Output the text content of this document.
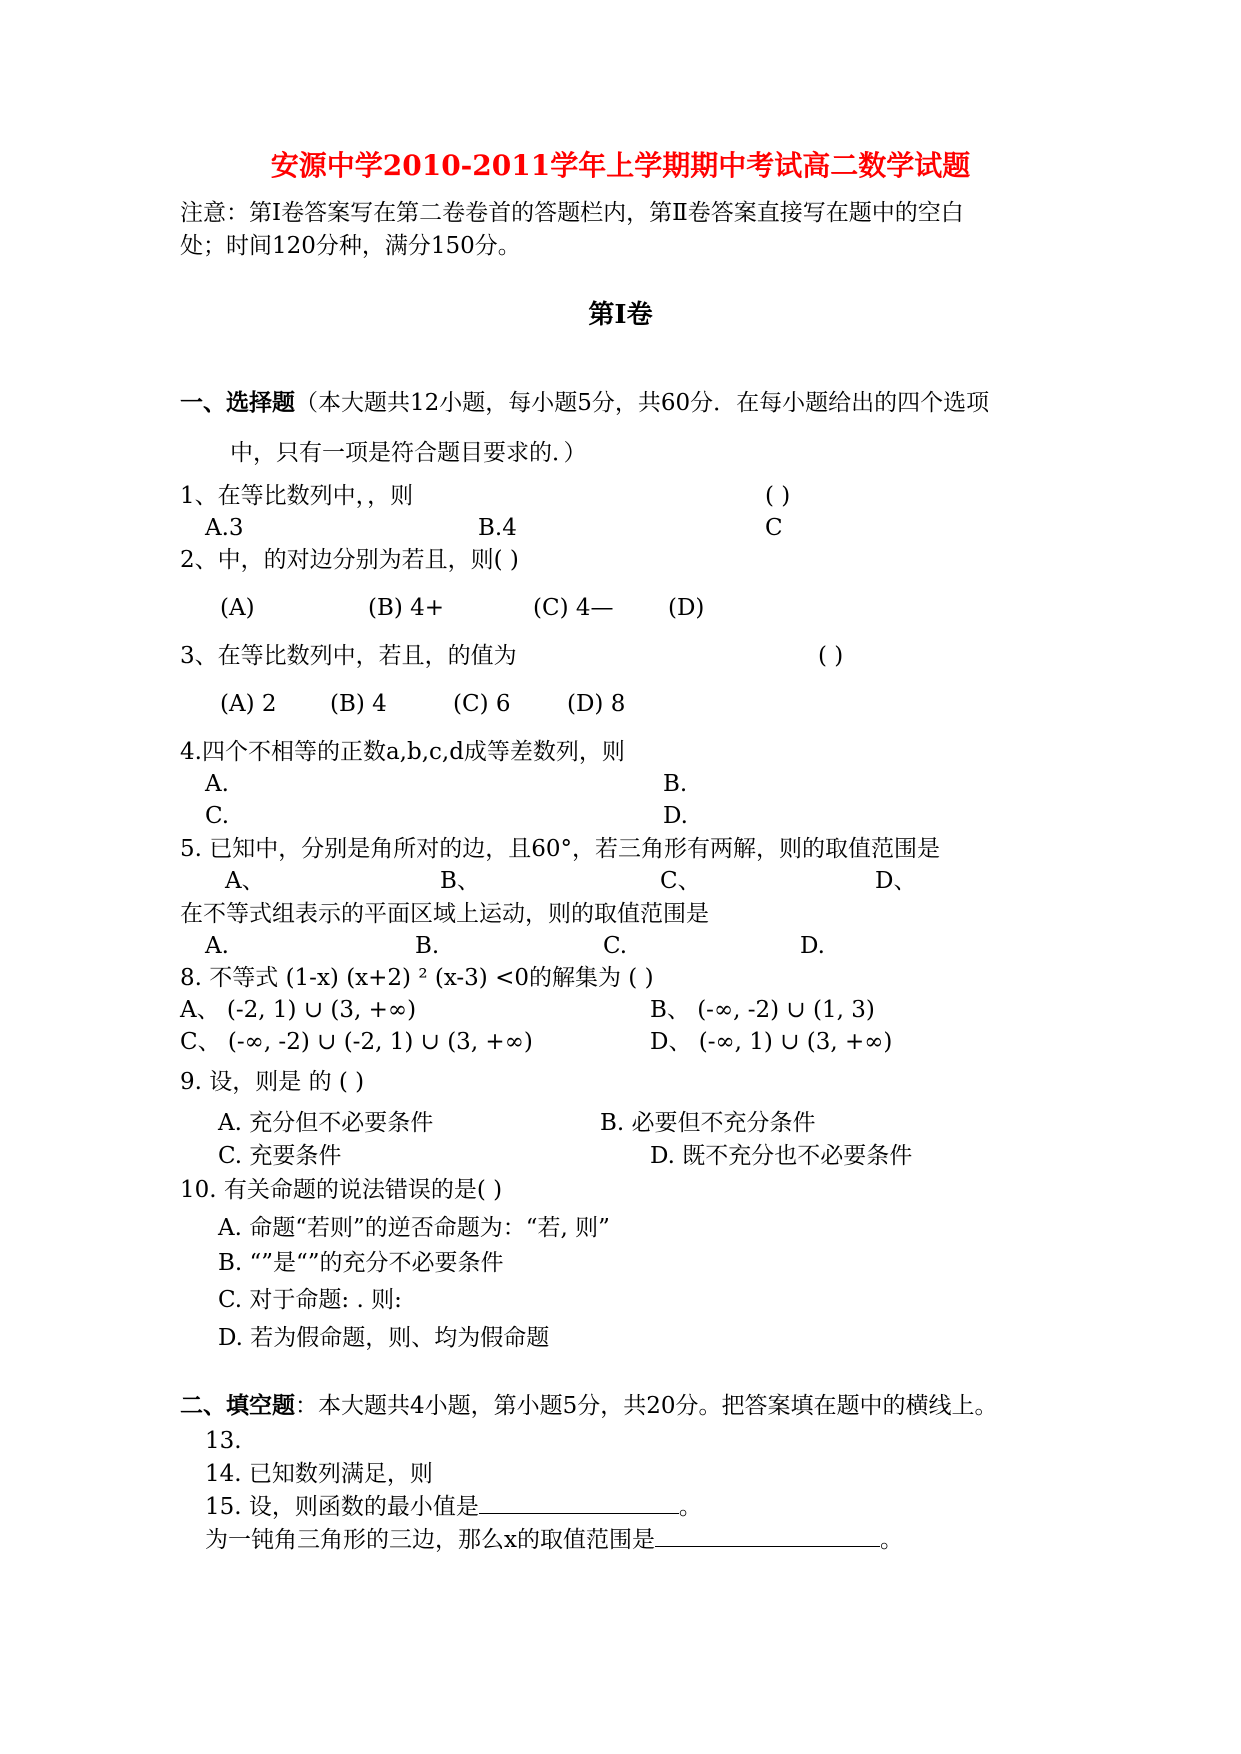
安源中学2010-2011学年上学期期中考试高二数学试题
注意：第Ⅰ卷答案写在第二卷卷首的答题栏内，第Ⅱ卷答案直接写在题中的空白
处；时间120分种，满分150分。
第Ⅰ卷
一、选择题（本大题共12小题，每小题5分，共60分．在每小题给出的四个选项
中，只有一项是符合题目要求的．）
1、在等比数列中，，则	( )
A.3	B.4	C
2、中，的对边分别为若且，则( )
(A)	(B) 4+	(C) 4— (D)
3、在等比数列中，若且，的值为	( )
(A) 2 (B) 4	(C) 6 (D) 8
4.四个不相等的正数a,b,c,d成等差数列，则
A.	B.
C.	D.
5. 已知中，分别是角所对的边，且60°，若三角形有两解，则的取值范围是
A、	B、	C、	D、
在不等式组表示的平面区域上运动，则的取值范围是
A.	B.	C.	D.
8. 不等式 (1-x) (x+2) ² (x-3) <0的解集为 ( )
A、 (-2, 1) ∪ (3, +∞)	B、 (-∞, -2) ∪ (1, 3)
C、 (-∞, -2) ∪ (-2, 1) ∪ (3, +∞)	D、 (-∞, 1) ∪ (3, +∞)
9. 设，则是 的 ( )
A. 充分但不必要条件	B. 必要但不充分条件
C. 充要条件	D. 既不充分也不必要条件
10. 有关命题的说法错误的是( )
A. 命题“若则”的逆否命题为：“若, 则”
B. “”是“”的充分不必要条件
C. 对于命题: . 则:
D. 若为假命题，则、均为假命题
二、填空题：本大题共4小题，第小题5分，共20分。把答案填在题中的横线上。
13.
14. 已知数列满足，则
15. 设，则函数的最小值是	。
为一钝角三角形的三边，那么x的取值范围是	。
